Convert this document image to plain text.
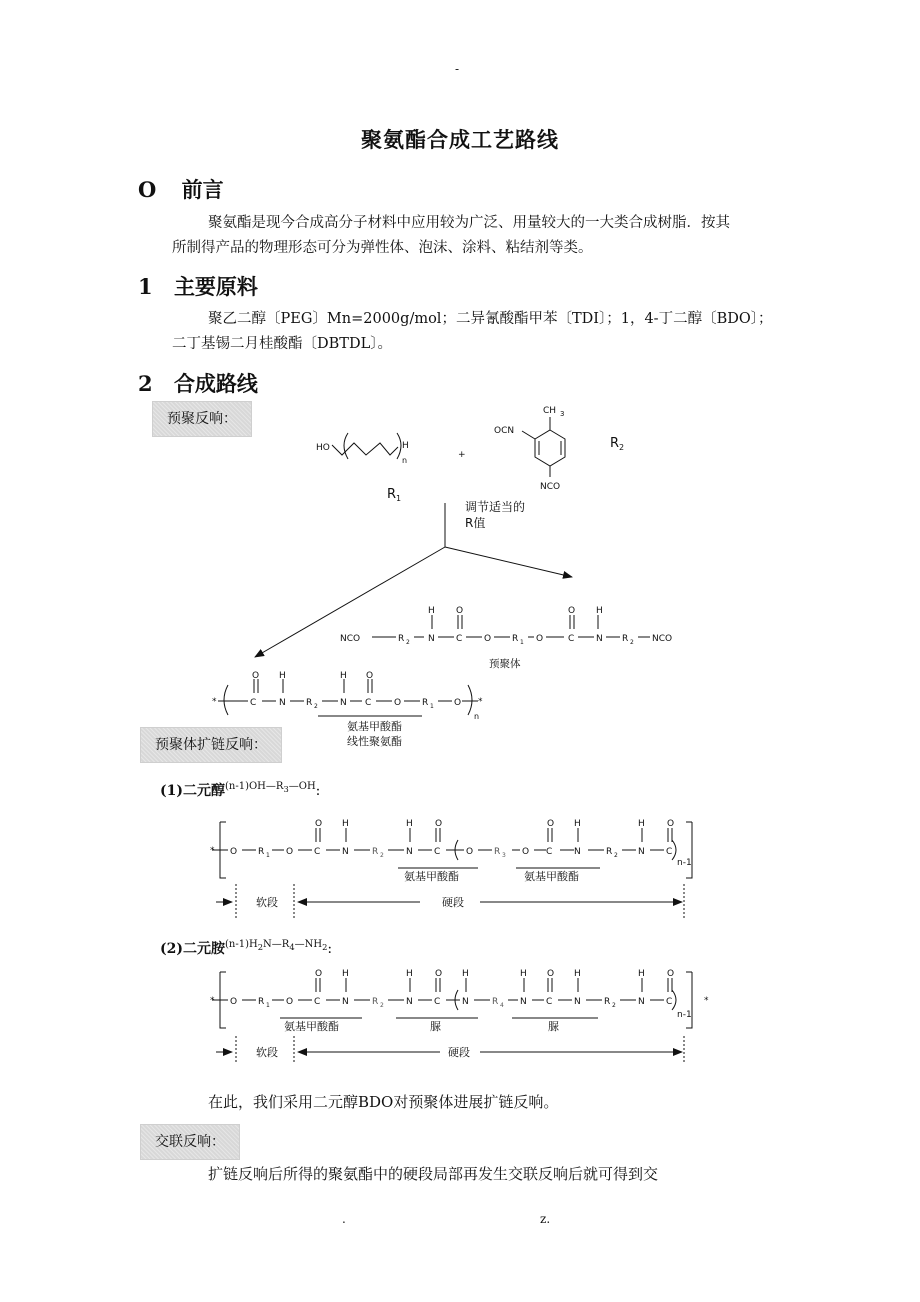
-
聚氨酯合成工艺路线
O 前言
聚氨酯是现今合成高分子材料中应用较为广泛、用量较大的一大类合成树脂．按其
所制得产品的物理形态可分为弹性体、泡沫、涂料、粘结剂等类。
1 主要原料
聚乙二醇〔PEG〕Mn=2000g/mol；二异氰酸酯甲苯〔TDI〕；1，4-丁二醇〔BDO〕；
二丁基锡二月桂酸酯〔DBTDL〕。
2 合成路线
预聚反响：
HO	H
n
+
CH 3
OCN
NCO
NCO	NCO
R 2
H
N
O
C O R 1 O
O
C
H
N R 2
*	*
O
C
H
N R 2
H
N
O
C	O R 1 O
n
$R_1$
$R_2$
调节适当的
R值
预聚体
氨基甲酸酯
预聚体扩链反响：	线性聚氨酯
(1)二元醇$^{(n-1)OH—R_3—OH}$:
* O R 1 O
O
C
H
N	R 2
H
N
O
C	O R 3 O
O
C
H
N	R 2
H
N
O
C
n-1
氨基甲酸酯	氨基甲酸酯
软段	硬段
(2)二元胺$^{(n-1)H_2N—R_4—NH_2}$:
* O R 1 O
O
C
H
N	R 2
H
N
O
C
H
N	R 4
H
N
O
C
H
N	R 2
H
N
O
C	*
n-1
氨基甲酸酯	脲	脲
软段	硬段
在此，我们采用二元醇BDO对预聚体进展扩链反响。
交联反响：
扩链反响后所得的聚氨酯中的硬段局部再发生交联反响后就可得到交
.	z.
